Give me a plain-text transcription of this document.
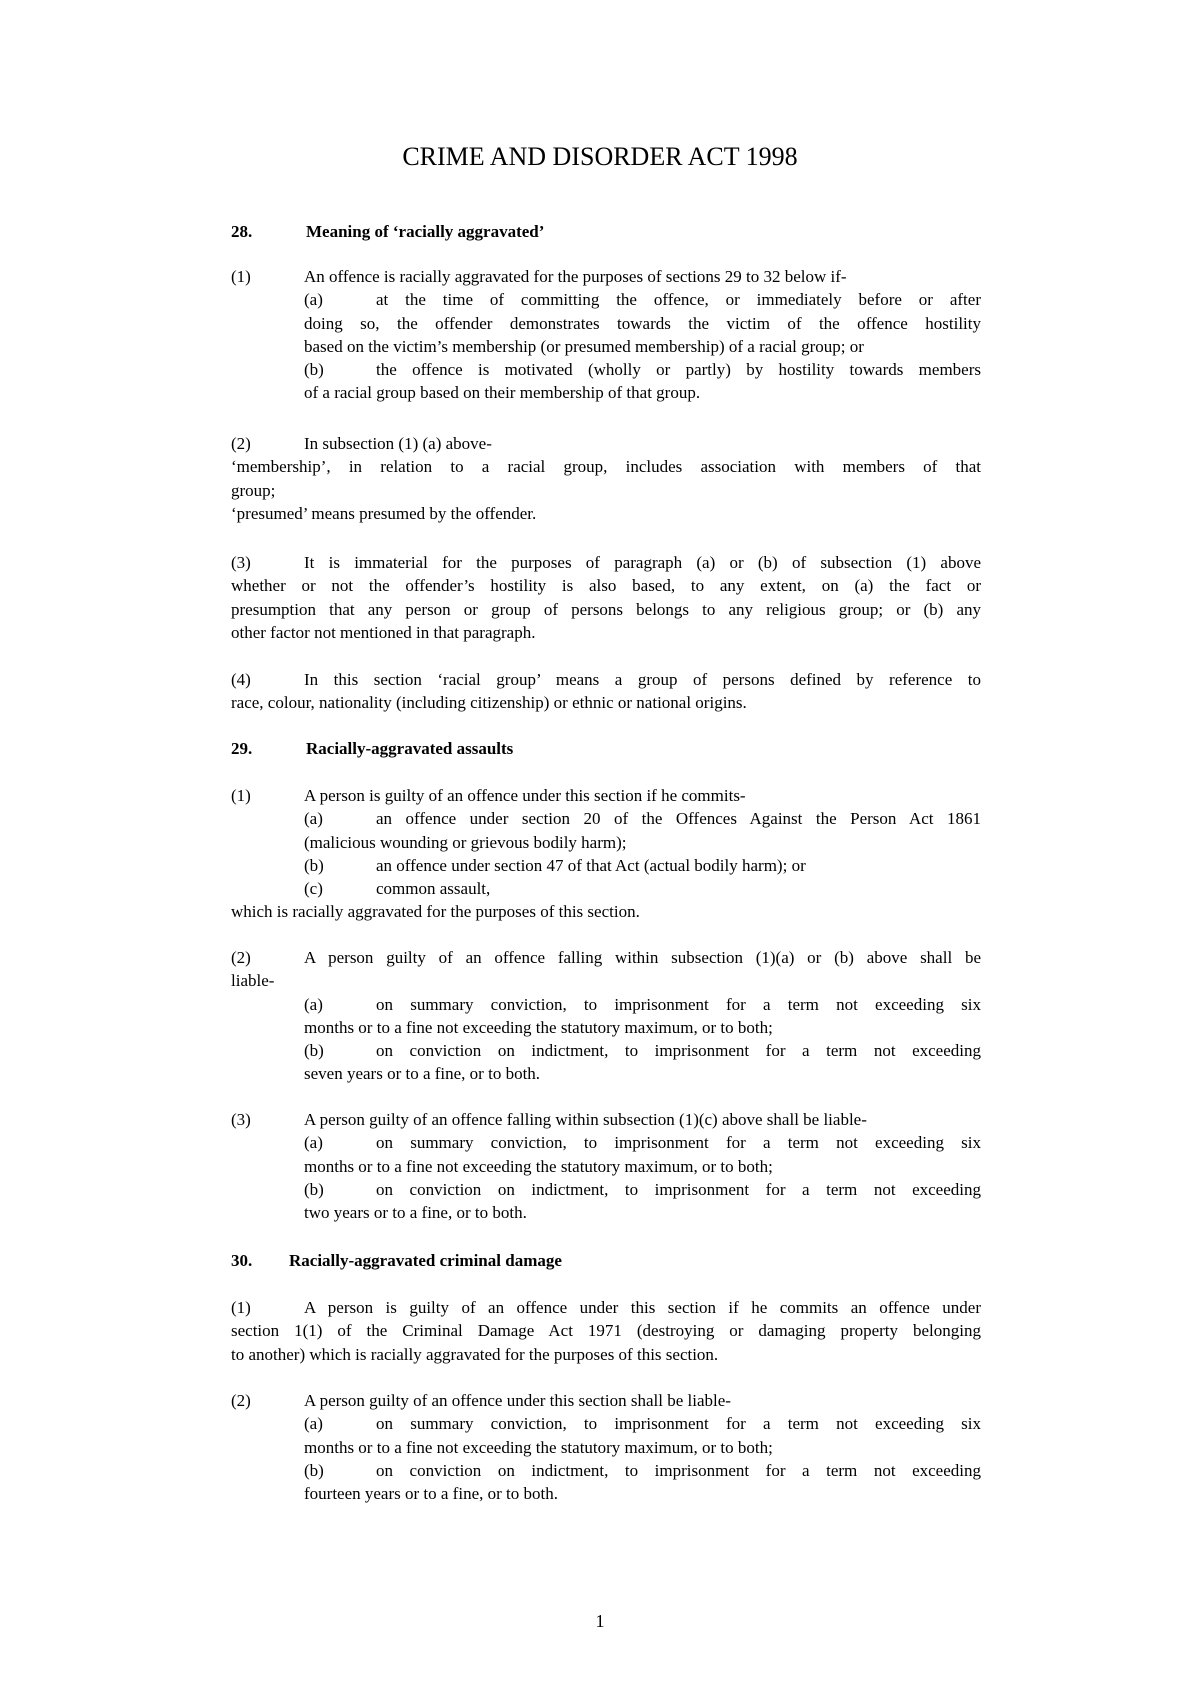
CRIME AND DISORDER ACT 1998
28.	Meaning of ‘racially aggravated’
(1)	An offence is racially aggravated for the purposes of sections 29 to 32 below if-
(a)	at the time of committing the offence, or immediately before or after
doing so, the offender demonstrates towards the victim of the offence hostility
based on the victim’s membership (or presumed membership) of a racial group; or
(b)	the offence is motivated (wholly or partly) by hostility towards members
of a racial group based on their membership of that group.
(2)	In subsection (1) (a) above-
‘membership’, in relation to a racial group, includes association with members of that
group;
‘presumed’ means presumed by the offender.
(3)	It is immaterial for the purposes of paragraph (a) or (b) of subsection (1) above
whether or not the offender’s hostility is also based, to any extent, on (a) the fact or
presumption that any person or group of persons belongs to any religious group; or (b) any
other factor not mentioned in that paragraph.
(4)	In this section ‘racial group’ means a group of persons defined by reference to
race, colour, nationality (including citizenship) or ethnic or national origins.
29.	Racially-aggravated assaults
(1)	A person is guilty of an offence under this section if he commits-
(a)	an offence under section 20 of the Offences Against the Person Act 1861
(malicious wounding or grievous bodily harm);
(b)	an offence under section 47 of that Act (actual bodily harm); or
(c)	common assault,
which is racially aggravated for the purposes of this section.
(2)	A person guilty of an offence falling within subsection (1)(a) or (b) above shall be
liable-
(a)	on summary conviction, to imprisonment for a term not exceeding six
months or to a fine not exceeding the statutory maximum, or to both;
(b)	on conviction on indictment, to imprisonment for a term not exceeding
seven years or to a fine, or to both.
(3)	A person guilty of an offence falling within subsection (1)(c) above shall be liable-
(a)	on summary conviction, to imprisonment for a term not exceeding six
months or to a fine not exceeding the statutory maximum, or to both;
(b)	on conviction on indictment, to imprisonment for a term not exceeding
two years or to a fine, or to both.
30. Racially-aggravated criminal damage
(1)	A person is guilty of an offence under this section if he commits an offence under
section 1(1) of the Criminal Damage Act 1971 (destroying or damaging property belonging
to another) which is racially aggravated for the purposes of this section.
(2)	A person guilty of an offence under this section shall be liable-
(a)	on summary conviction, to imprisonment for a term not exceeding six
months or to a fine not exceeding the statutory maximum, or to both;
(b)	on conviction on indictment, to imprisonment for a term not exceeding
fourteen years or to a fine, or to both.
1
